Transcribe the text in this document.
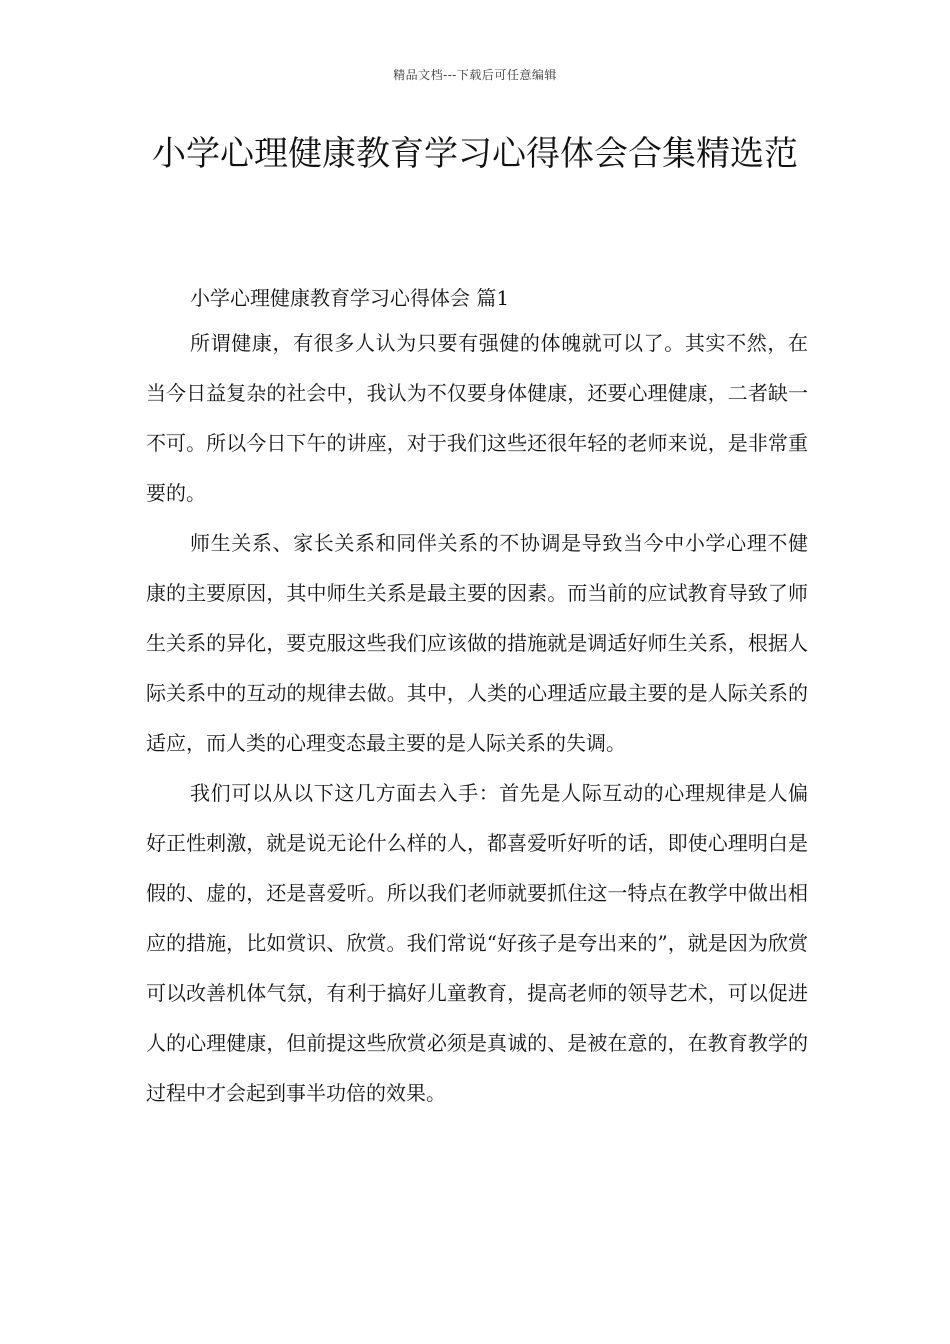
精品文档---下载后可任意编辑
小学心理健康教育学习心得体会合集精选范

小学心理健康教育学习心得体会 篇1

所谓健康，有很多人认为只要有强健的体魄就可以了。其实不然，在当今日益复杂的社会中，我认为不仅要身体健康，还要心理健康，二者缺一不可。所以今日下午的讲座，对于我们这些还很年轻的老师来说，是非常重要的。

师生关系、家长关系和同伴关系的不协调是导致当今中小学心理不健康的主要原因，其中师生关系是最主要的因素。而当前的应试教育导致了师生关系的异化，要克服这些我们应该做的措施就是调适好师生关系，根据人际关系中的互动的规律去做。其中，人类的心理适应最主要的是人际关系的适应，而人类的心理变态最主要的是人际关系的失调。

我们可以从以下这几方面去入手：首先是人际互动的心理规律是人偏好正性刺激，就是说无论什么样的人，都喜爱听好听的话，即使心理明白是假的、虚的，还是喜爱听。所以我们老师就要抓住这一特点在教学中做出相应的措施，比如赏识、欣赏。我们常说“好孩子是夸出来的”，就是因为欣赏可以改善机体气氛，有利于搞好儿童教育，提高老师的领导艺术，可以促进人的心理健康，但前提这些欣赏必须是真诚的、是被在意的，在教育教学的过程中才会起到事半功倍的效果。
